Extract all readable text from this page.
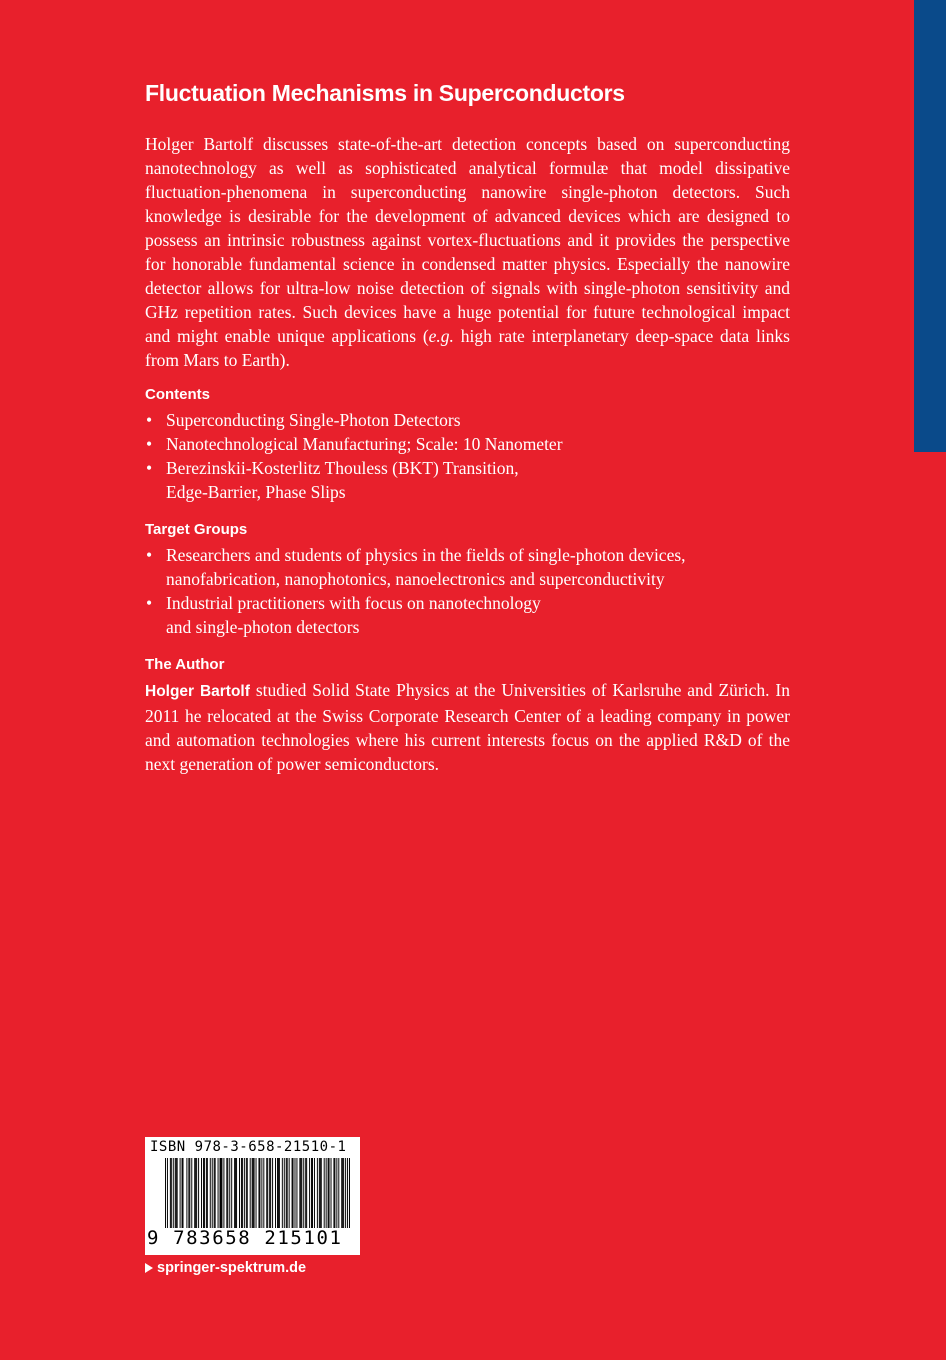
Fluctuation Mechanisms in Superconductors

Holger Bartolf discusses state-of-the-art detection concepts based on superconducting nanotechnology as well as sophisticated analytical formulæ that model dissipative fluctuation-phenomena in superconducting nanowire single-photon detectors. Such knowledge is desirable for the development of advanced devices which are designed to possess an intrinsic robustness against vortex-fluctuations and it provides the perspective for honorable fundamental science in condensed matter physics. Especially the nanowire detector allows for ultra-low noise detection of signals with single-photon sensitivity and GHz repetition rates. Such devices have a huge potential for future technological impact and might enable unique applications (e.g. high rate interplanetary deep-space data links from Mars to Earth).

Contents
• Superconducting Single-Photon Detectors
• Nanotechnological Manufacturing; Scale: 10 Nanometer
• Berezinskii-Kosterlitz Thouless (BKT) Transition,
Edge-Barrier, Phase Slips
Target Groups
• Researchers and students of physics in the fields of single-photon devices,
nanofabrication, nanophotonics, nanoelectronics and superconductivity
• Industrial practitioners with focus on nanotechnology
and single-photon detectors
The Author

Holger Bartolf studied Solid State Physics at the Universities of Karlsruhe and Zürich. In 2011 he relocated at the Swiss Corporate Research Center of a leading company in power and automation technologies where his current interests focus on the applied R&D of the next generation of power semiconductors.

ISBN 978-3-658-21510-1
9 783658 215101
springer-spektrum.de
